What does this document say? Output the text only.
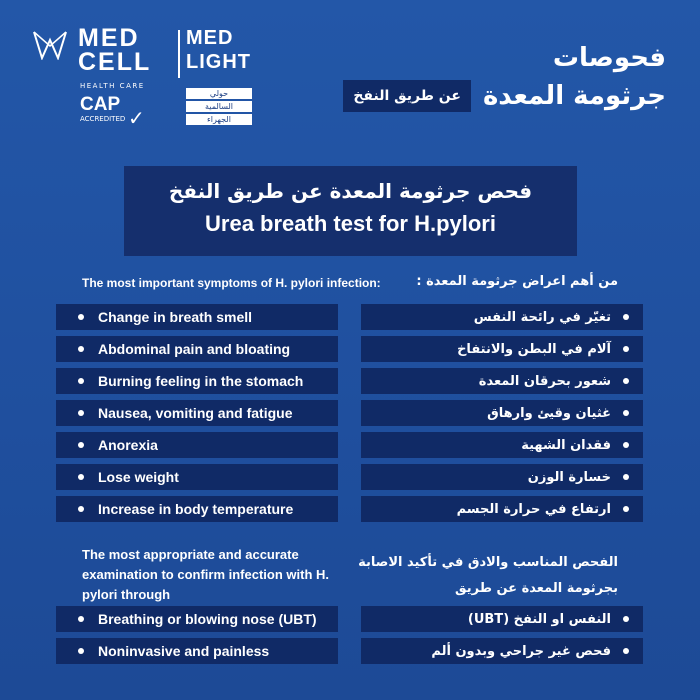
MED
CELL
MED
LIGHT
HEALTH CARE
CAP
ACCREDITED ✓
حولي
السالمية
الجهراء
فحوصات
جرثومة المعدة
عن طريق النفخ
فحص جرثومة المعدة عن طريق النفخ
Urea breath test for H.pylori
The most important symptoms of H. pylori infection:	من أهم اعراض جرثومة المعدة :
Change in breath smell
Abdominal pain and bloating
Burning feeling in the stomach
Nausea, vomiting and fatigue
Anorexia
Lose weight
Increase in body temperature
Breathing or blowing nose (UBT)
Noninvasive and painless
تغيّر في رائحة النفس
آلام في البطن والانتفاخ
شعور بحرقان المعدة
غثيان وقيئ وارهاق
فقدان الشهية
خسارة الوزن
ارتفاع في حرارة الجسم
النفس او النفخ (UBT)
فحص غير جراحي وبدون ألم
The most appropriate and accurate examination to confirm infection with H. pylori through
الفحص المناسب والادق في تأكيد الاصابة
بجرثومة المعدة عن طريق
